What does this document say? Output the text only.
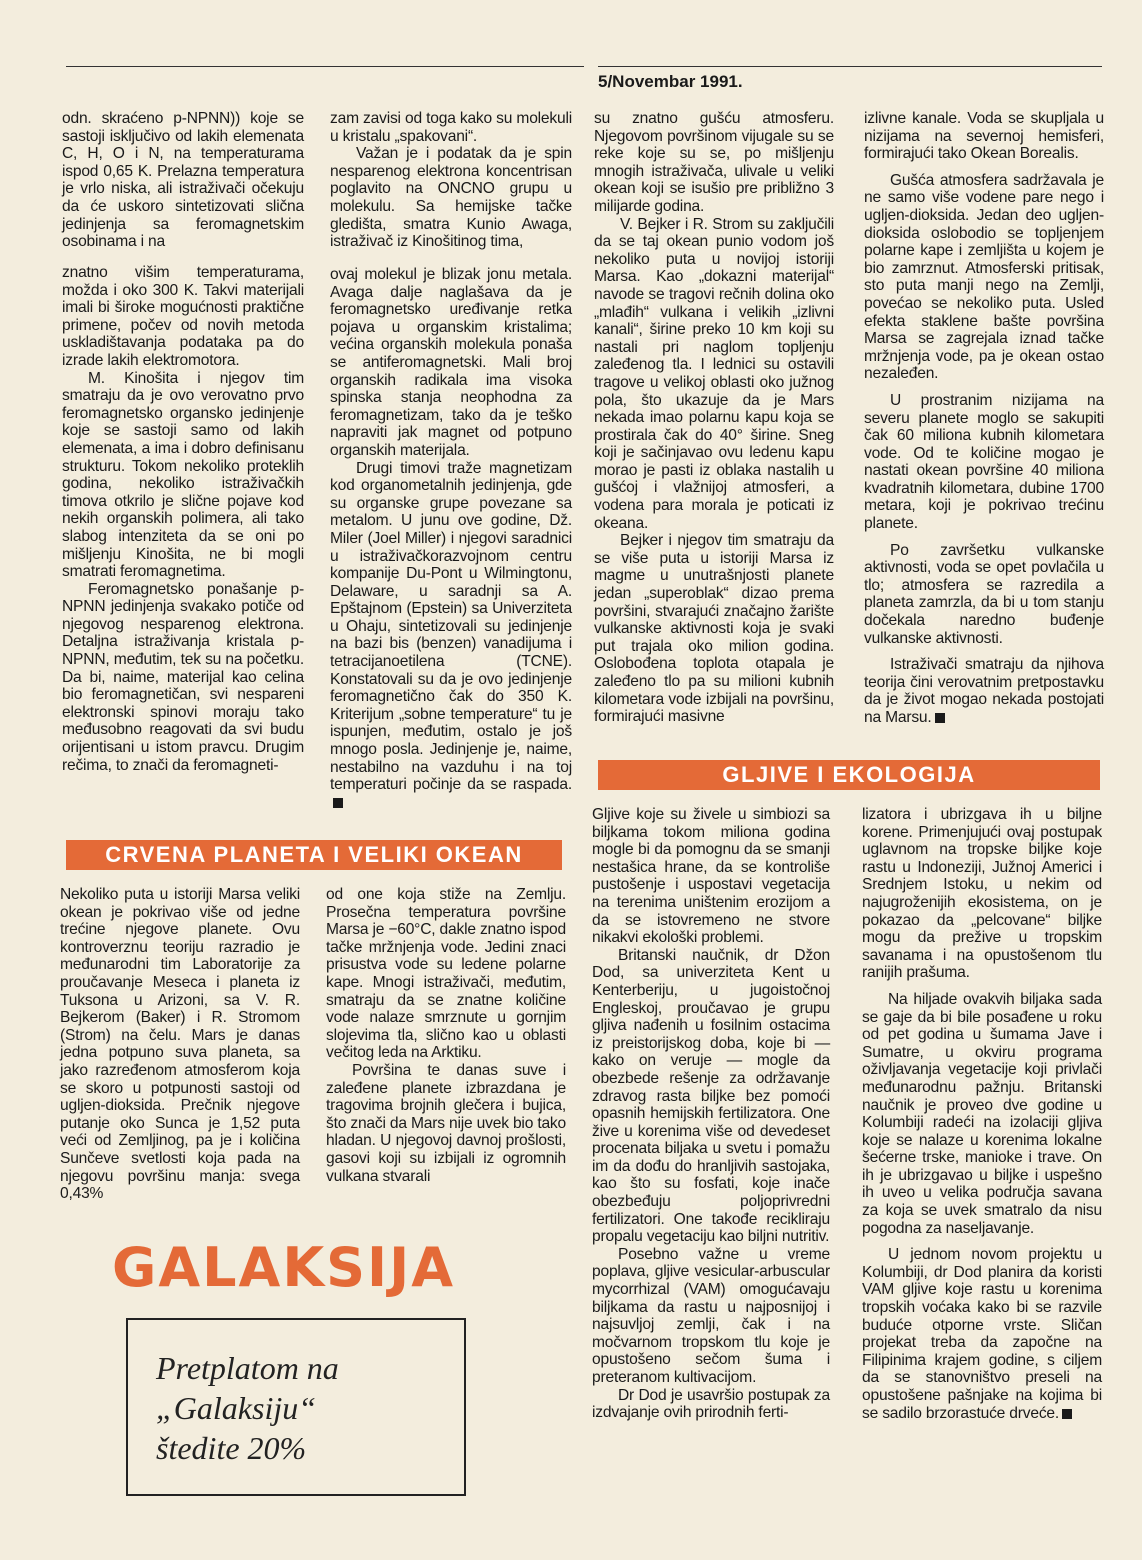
5/Novembar 1991.

odn. skraćeno p-NPNN)) koje se sastoji isključivo od lakih elemenata C, H, O i N, na temperaturama ispod 0,65 K. Prelazna temperatura je vrlo niska, ali istraživači očekuju da će uskoro sintetizovati slična jedinjenja sa feromagnetskim osobinama i na

znatno višim temperaturama, možda i oko 300 K. Takvi materijali imali bi široke mogućnosti praktične primene, počev od novih metoda uskladištavanja podataka pa do izrade lakih elektromotora.

M. Kinošita i njegov tim smatraju da je ovo verovatno prvo feromagnetsko organsko jedinjenje koje se sastoji samo od lakih elemenata, a ima i dobro definisanu strukturu. Tokom nekoliko proteklih godina, nekoliko istraživačkih timova otkrilo je slične pojave kod nekih organskih polimera, ali tako slabog intenziteta da se oni po mišljenju Kinošita, ne bi mogli smatrati feromagnetima.

Feromagnetsko ponašanje p-NPNN jedinjenja svakako potiče od njegovog nesparenog elektrona. Detaljna istraživanja kristala p-NPNN, međutim, tek su na početku. Da bi, naime, materijal kao celina bio feromagnetičan, svi nespareni elektronski spinovi moraju tako međusobno reagovati da svi budu orijentisani u istom pravcu. Drugim rečima, to znači da feromagneti-

zam zavisi od toga kako su molekuli u kristalu „spakovani“.

Važan je i podatak da je spin nesparenog elektrona koncentrisan poglavito na ONCNO grupu u molekulu. Sa hemijske tačke gledišta, smatra Kunio Awaga, istraživač iz Kinošitinog tima,

ovaj molekul je blizak jonu metala. Avaga dalje naglašava da je feromagnetsko uređivanje retka pojava u organskim kristalima; većina organskih molekula ponaša se antiferomagnetski. Mali broj organskih radikala ima visoka spinska stanja neophodna za feromagnetizam, tako da je teško napraviti jak magnet od potpuno organskih materijala.

Drugi timovi traže magnetizam kod organometalnih jedinjenja, gde su organske grupe povezane sa metalom. U junu ove godine, Dž. Miler (Joel Miller) i njegovi saradnici u istraživačkorazvojnom centru kompanije Du-Pont u Wilmingtonu, Delaware, u saradnji sa A. Epštajnom (Epstein) sa Univerziteta u Ohaju, sintetizovali su jedinjenje na bazi bis (benzen) vanadijuma i tetracijanoetilena (TCNE). Konstatovali su da je ovo jedinjenje feromagnetično čak do 350 K. Kriterijum „sobne temperature“ tu je ispunjen, međutim, ostalo je još mnogo posla. Jedinjenje je, naime, nestabilno na vazduhu i na toj temperaturi počinje da se raspada.

CRVENA PLANETA I VELIKI OKEAN

Nekoliko puta u istoriji Marsa veliki okean je pokrivao više od jedne trećine njegove planete. Ovu kontroverznu teoriju razradio je međunarodni tim Laboratorije za proučavanje Meseca i planeta iz Tuksona u Arizoni, sa V. R. Bejkerom (Baker) i R. Stromom (Strom) na čelu. Mars je danas jedna potpuno suva planeta, sa jako razređenom atmosferom koja se skoro u potpunosti sastoji od ugljen-dioksida. Prečnik njegove putanje oko Sunca je 1,52 puta veći od Zemljinog, pa je i količina Sunčeve svetlosti koja pada na njegovu površinu manja: svega 0,43%

od one koja stiže na Zemlju. Prosečna temperatura površine Marsa je −60°C, dakle znatno ispod tačke mržnjenja vode. Jedini znaci prisustva vode su ledene polarne kape. Mnogi istraživači, međutim, smatraju da se znatne količine vode nalaze smrznute u gornjim slojevima tla, slično kao u oblasti večitog leda na Arktiku.

Površina te danas suve i zaleđene planete izbrazdana je tragovima brojnih glečera i bujica, što znači da Mars nije uvek bio tako hladan. U njegovoj davnoj prošlosti, gasovi koji su izbijali iz ogromnih vulkana stvarali

su znatno gušću atmosferu. Njegovom površinom vijugale su se reke koje su se, po mišljenju mnogih istraživača, ulivale u veliki okean koji se isušio pre približno 3 milijarde godina.

V. Bejker i R. Strom su zaključili da se taj okean punio vodom još nekoliko puta u novijoj istoriji Marsa. Kao „dokazni materijal“ navode se tragovi rečnih dolina oko „mlađih“ vulkana i velikih „izlivni kanali“, širine preko 10 km koji su nastali pri naglom topljenju zaleđenog tla. I lednici su ostavili tragove u velikoj oblasti oko južnog pola, što ukazuje da je Mars nekada imao polarnu kapu koja se prostirala čak do 40° širine. Sneg koji je sačinjavao ovu ledenu kapu morao je pasti iz oblaka nastalih u gušćoj i vlažnijoj atmosferi, a vodena para morala je poticati iz okeana.

Bejker i njegov tim smatraju da se više puta u istoriji Marsa iz magme u unutrašnjosti planete jedan „superoblak“ dizao prema površini, stvarajući značajno žarište vulkanske aktivnosti koja je svaki put trajala oko milion godina. Oslobođena toplota otapala je zaleđeno tlo pa su milioni kubnih kilometara vode izbijali na površinu, formirajući masivne

izlivne kanale. Voda se skupljala u nizijama na severnoj hemisferi, formirajući tako Okean Borealis.

Gušća atmosfera sadržavala je ne samo više vodene pare nego i ugljen-dioksida. Jedan deo ugljen-dioksida oslobodio se topljenjem polarne kape i zemljišta u kojem je bio zamrznut. Atmosferski pritisak, sto puta manji nego na Zemlji, povećao se nekoliko puta. Usled efekta staklene bašte površina Marsa se zagrejala iznad tačke mržnjenja vode, pa je okean ostao nezaleđen.

U prostranim nizijama na severu planete moglo se sakupiti čak 60 miliona kubnih kilometara vode. Od te količine mogao je nastati okean površine 40 miliona kvadratnih kilometara, dubine 1700 metara, koji je pokrivao trećinu planete.

Po završetku vulkanske aktivnosti, voda se opet povlačila u tlo; atmosfera se razredila a planeta zamrzla, da bi u tom stanju dočekala naredno buđenje vulkanske aktivnosti.

Istraživači smatraju da njihova teorija čini verovatnim pretpostavku da je život mogao nekada postojati na Marsu.

GLJIVE I EKOLOGIJA

Gljive koje su živele u simbiozi sa biljkama tokom miliona godina mogle bi da pomognu da se smanji nestašica hrane, da se kontroliše pustošenje i uspostavi vegetacija na terenima uništenim erozijom a da se istovremeno ne stvore nikakvi ekološki problemi.

Britanski naučnik, dr Džon Dod, sa univerziteta Kent u Kenterberiju, u jugoistočnoj Engleskoj, proučavao je grupu gljiva nađenih u fosilnim ostacima iz preistorijskog doba, koje bi — kako on veruje — mogle da obezbede rešenje za održavanje zdravog rasta biljke bez pomoći opasnih hemijskih fertilizatora. One žive u korenima više od devedeset procenata biljaka u svetu i pomažu im da dođu do hranljivih sastojaka, kao što su fosfati, koje inače obezbeđuju poljoprivredni fertilizatori. One takođe recikliraju propalu vegetaciju kao biljni nutritiv.

Posebno važne u vreme poplava, gljive vesicular-arbuscular mycorrhizal (VAM) omogućavaju biljkama da rastu u najposnijoj i najsuvljoj zemlji, čak i na močvarnom tropskom tlu koje je opustošeno sečom šuma i preteranom kultivacijom.

Dr Dod je usavršio postupak za izdvajanje ovih prirodnih ferti-

lizatora i ubrizgava ih u biljne korene. Primenjujući ovaj postupak uglavnom na tropske biljke koje rastu u Indoneziji, Južnoj Americi i Srednjem Istoku, u nekim od najugroženijih ekosistema, on je pokazao da „pelcovane“ biljke mogu da prežive u tropskim savanama i na opustošenom tlu ranijih prašuma.

Na hiljade ovakvih biljaka sada se gaje da bi bile posađene u roku od pet godina u šumama Jave i Sumatre, u okviru programa oživljavanja vegetacije koji privlači međunarodnu pažnju. Britanski naučnik je proveo dve godine u Kolumbiji radeći na izolaciji gljiva koje se nalaze u korenima lokalne šećerne trske, manioke i trave. On ih je ubrizgavao u biljke i uspešno ih uveo u velika područja savana za koja se uvek smatralo da nisu pogodna za naseljavanje.

U jednom novom projektu u Kolumbiji, dr Dod planira da koristi VAM gljive koje rastu u korenima tropskih voćaka kako bi se razvile buduće otporne vrste. Sličan projekat treba da započne na Filipinima krajem godine, s ciljem da se stanovništvo preseli na opustošene pašnjake na kojima bi se sadilo brzorastuće drveće.

GALAKSIJA
Pretplatom na
„Galaksiju“
štedite 20%
